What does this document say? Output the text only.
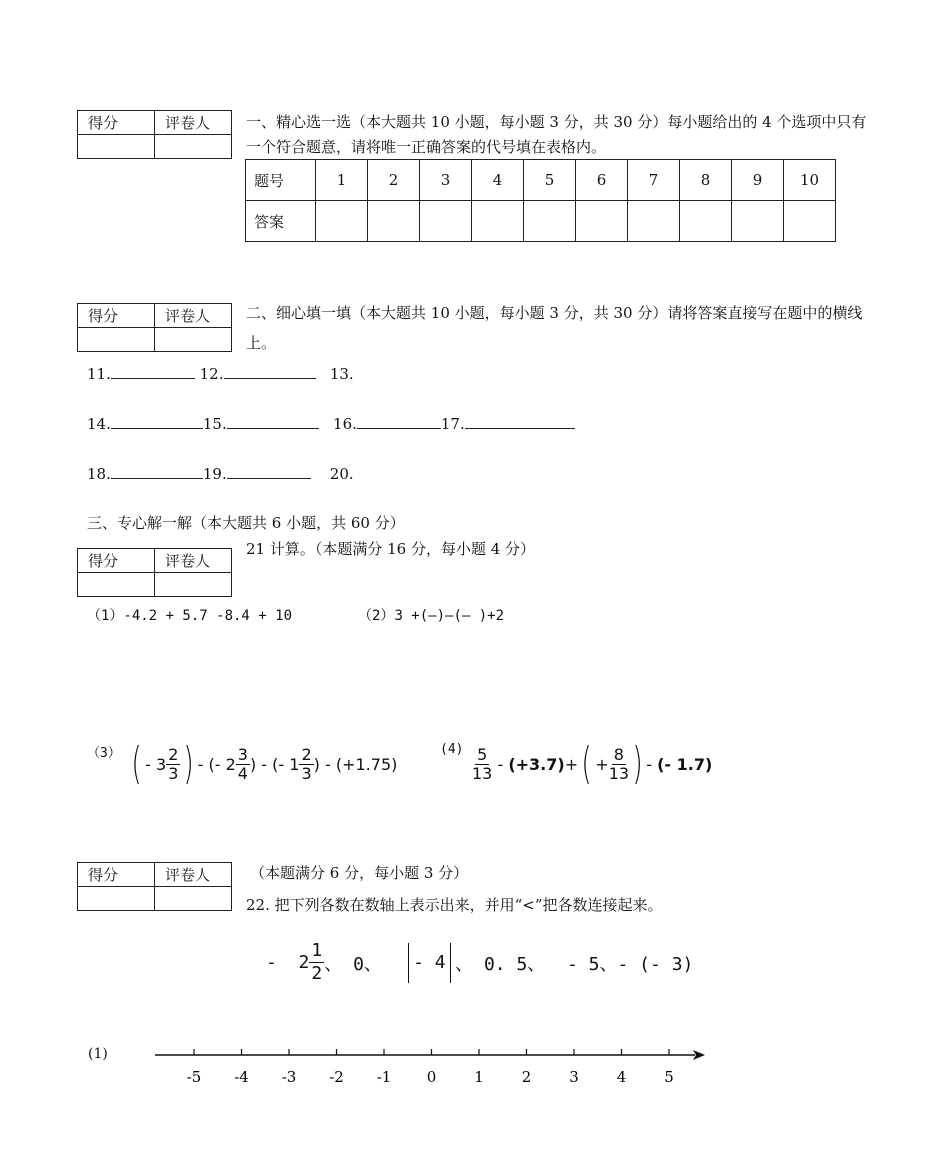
得分	评卷人
	一、精心选一选（本大题共 10 小题，每小题 3 分，共 30 分）每小题给出的 4 个选项中只有
一个符合题意，请将唯一正确答案的代号填在表格内。
题号	1	2	3	4	5	6	7	8	9	10
答案										
得分	评卷人
	二、细心填一填（本大题共 10 小题，每小题 3 分，共 30 分）请将答案直接写在题中的横线
上。
11.	12.	13.
14.	15.	16.	17.
18.	19.	20.
三、专心解一解（本大题共 6 小题，共 60 分）
得分	评卷人

21 计算。（本题满分 16 分，每小题 4 分）
（1）-4.2 + 5.7 -8.4 + 10	（2）3 +(—)—(— )+2
（3） ( -
$3 \frac{2}{3}$ ) -
(- $2 \frac{3}{4}$ )
-
(- $1 \frac{2}{3}$ )
-
(+1.75)
$(4) \frac{5}{13}$
-
(+3.7) + ( + $\frac{8}{13}$ ) -
(- 1.7)
得分	评卷人
		（本题满分 6 分，每小题 3 分）
22. 把下列各数在数轴上表示出来，并用“<”把各数连接起来。
-
$2 \frac{1}{2}$ 、
0、
- 4 、
0. 5、
- 5、- (- 3)
(1)
-5 -4 -3 -2 -1 0	1	2	3	4	5
